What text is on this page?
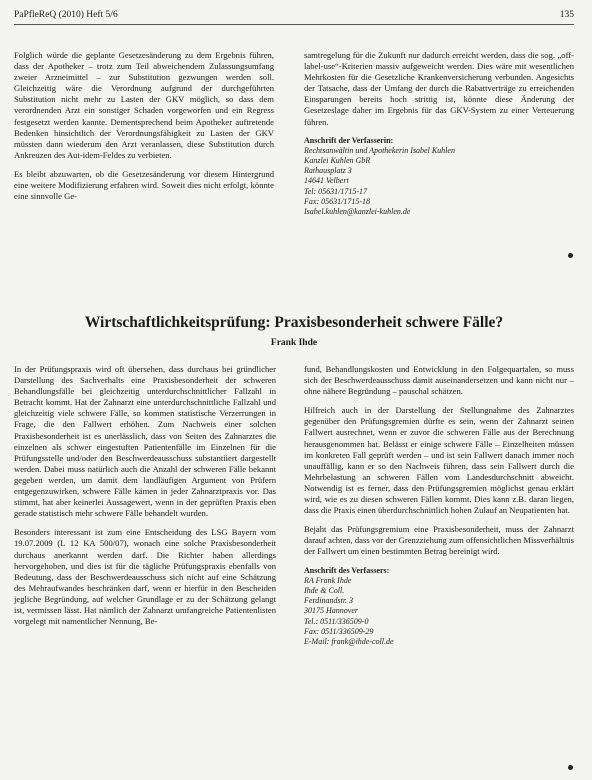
PaPfleReQ (2010) Heft 5/6	135

Folglich würde die geplante Gesetzesänderung zu dem Ergebnis führen, dass der Apotheker – trotz zum Teil abweichendem Zulassungsumfang zweier Arzneimittel – zur Substitution gezwungen werden soll. Gleichzeitig wäre die Verordnung aufgrund der durchgeführten Substitution nicht mehr zu Lasten der GKV möglich, so dass dem verordnenden Arzt ein sonstiger Schaden vorgeworfen und ein Regress festgesetzt werden kannte. Dementsprechend beim Apotheker auftretende Bedenken hinsichtlich der Verordnungsfähigkeit zu Lasten der GKV müssten dann wiederum den Arzt veranlassen, diese Substitution durch Ankreuzen des Aut-idem-Feldes zu verbieten.

Es bleibt abzuwarten, ob die Gesetzesänderung vor diesem Hintergrund eine weitere Modifizierung erfahren wird. Soweit dies nicht erfolgt, könnte eine sinnvolle Ge-

samtregelung für die Zukunft nur dadurch erreicht werden, dass die sog. „off-label-use“-Kriterien massiv aufgeweicht werden. Dies wäre mit wesentlichen Mehrkosten für die Gesetzliche Krankenversicherung verbunden. Angesichts der Tatsache, dass der Umfang der durch die Rabattverträge zu erreichenden Einsparungen bereits hoch strittig ist, könnte diese Änderung der Gesetzeslage daher im Ergebnis für das GKV-System zu einer Verteuerung führen.

Anschrift der Verfasserin:
Rechtsanwältin und Apothekerin Isabel Kuhlen
Kanzlei Kuhlen GbR
Rathausplatz 3
14641 Velbert
Tel: 05631/1715-17
Fax: 05631/1715-18
Isabel.kuhlen@kanzlei-kuhlen.de
Wirtschaftlichkeitsprüfung: Praxisbesonderheit schwere Fälle?
Frank Ihde

In der Prüfungspraxis wird oft übersehen, dass durchaus bei gründlicher Darstellung des Sachverhalts eine Praxisbesonderheit der schweren Behandlungsfälle bei gleichzeitig unterdurchschnittlicher Fallzahl in Betracht kommt. Hat der Zahnarzt eine unterdurchschnittliche Fallzahl und gleichzeitig viele schwere Fälle, so kommen statistische Verzerrungen in Frage, die den Fallwert erhöhen. Zum Nachweis einer solchen Praxisbesonderheit ist es unerlässlich, dass von Seiten des Zahnarztes die einzelnen als schwer eingestuften Patientenfälle im Einzelnen für die Prüfungsstelle und/oder den Beschwerdeausschuss substantiiert dargestellt werden. Dabei muss natürlich auch die Anzahl der schweren Fälle bekannt gegeben werden, um damit dem landläufigen Argument von Prüfern entgegenzuwirken, schwere Fälle kämen in jeder Zahnarztpraxis vor. Das stimmt, hat aber keinerlei Aussagewert, wenn in der geprüften Praxis eben gerade statistisch mehr schwere Fälle behandelt wurden.

Besonders interessant ist zum eine Entscheidung des LSG Bayern vom 19.07.2009 (L 12 KA 500/07), wonach eine solche Praxisbesonderheit durchaus anerkannt werden darf. Die Richter haben allerdings hervorgehoben, und dies ist für die tägliche Prüfungspraxis ebenfalls von Bedeutung, dass der Beschwerdeausschuss sich nicht auf eine Schätzung des Mehraufwandes beschränken darf, wenn er hierfür in den Bescheiden jegliche Begründung, auf welcher Grundlage er zu der Schätzung gelangt ist, vermissen lässt. Hat nämlich der Zahnarzt umfangreiche Patientenlisten vorgelegt mit namentlicher Nennung, Be-

fund, Behandlungskosten und Entwicklung in den Folgequartalen, so muss sich der Beschwerdeausschuss damit auseinandersetzen und kann nicht nur – ohne nähere Begründung – pauschal schätzen.

Hilfreich auch in der Darstellung der Stellungnahme des Zahnarztes gegenüber den Prüfungsgremien dürfte es sein, wenn der Zahnarzt seinen Fallwert ausrechnet, wenn er zuvor die schweren Fälle aus der Berechnung herausgenommen hat. Belässt er einige schwere Fälle – Einzelheiten müssen im konkreten Fall geprüft werden – und ist sein Fallwert danach immer noch unauffällig, kann er so den Nachweis führen, dass sein Fallwert durch die Mehrbelastung an schweren Fällen vom Landesdurchschnitt abweicht. Notwendig ist es ferner, dass den Prüfungsgremien möglichst genau erklärt wird, wie es zu diesen schweren Fällen kommt. Dies kann z.B. daran liegen, dass die Praxis einen überdurchschnittlich hohen Zulauf an Neupatienten hat.

Bejaht das Prüfungsgremium eine Praxisbesonderheit, muss der Zahnarzt darauf achten, dass vor der Grenzziehung zum offensichtlichen Missverhältnis der Fallwert um einen bestimmten Betrag bereinigt wird.

Anschrift des Verfassers:
RA Frank Ihde
Ihde & Coll.
Ferdinandstr. 3
30175 Hannover
Tel.: 0511/336509-0
Fax: 0511/336509-29
E-Mail: frank@ihde-coll.de
